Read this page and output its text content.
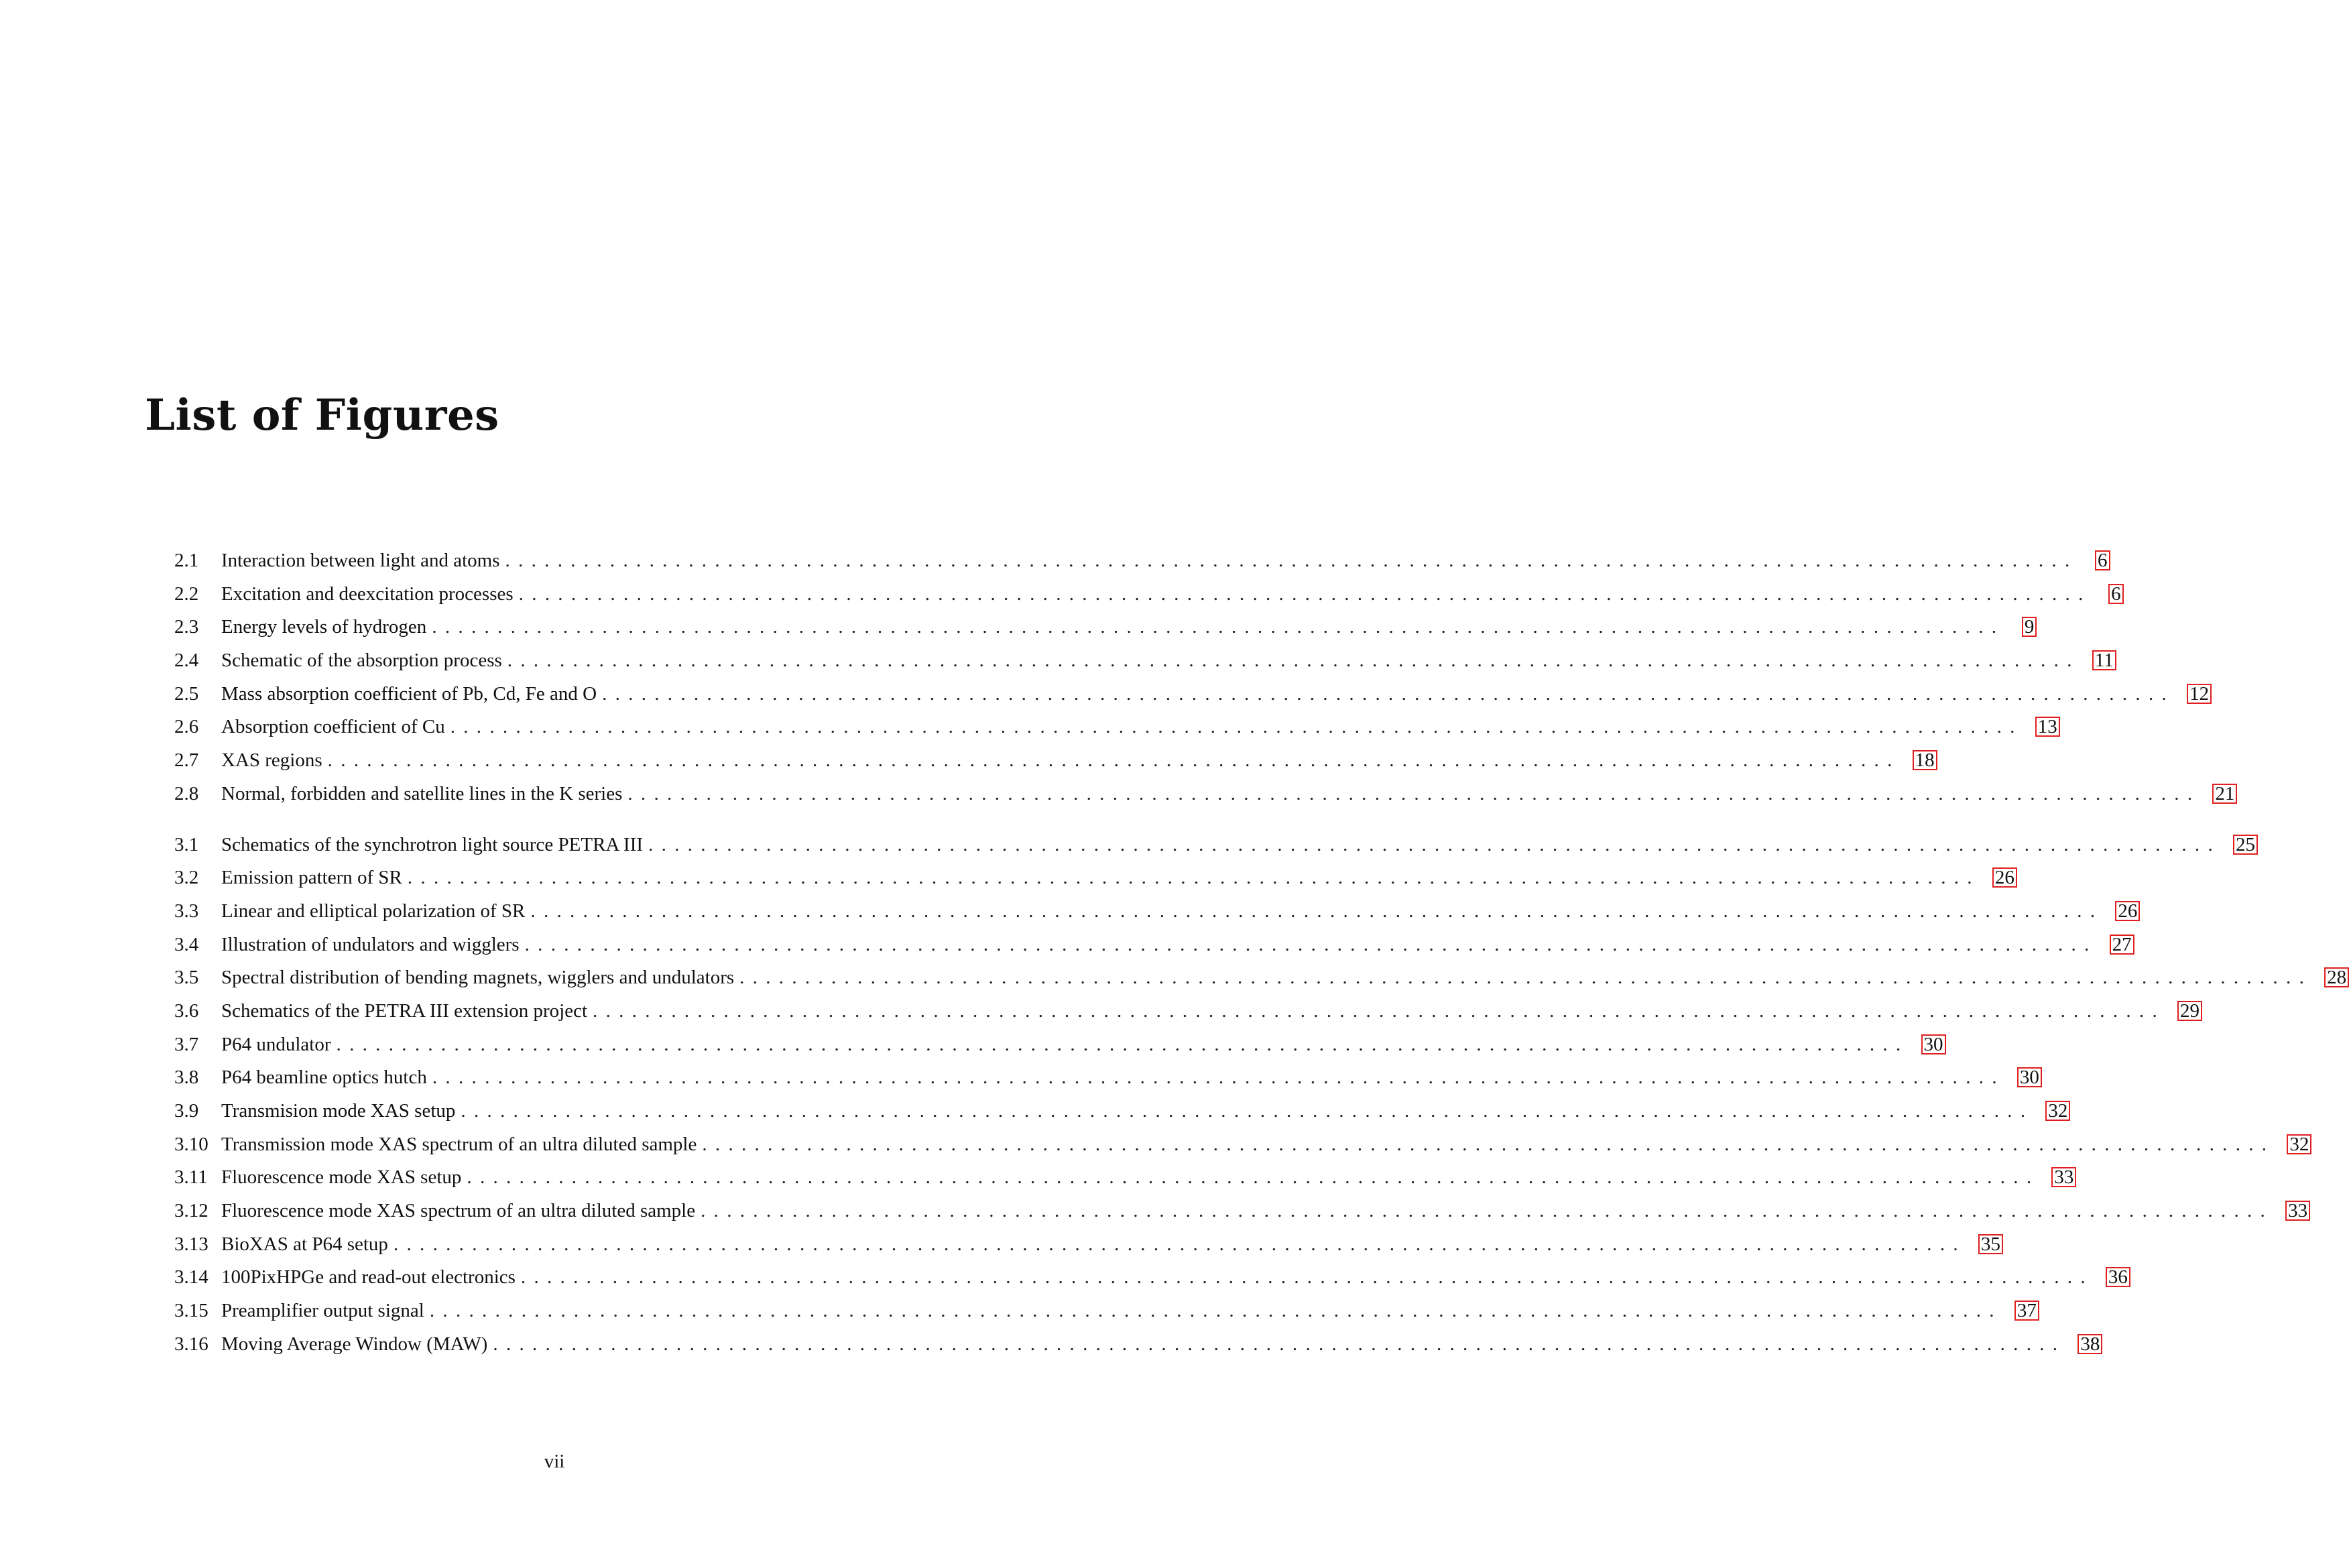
List of Figures
2.1	Interaction between light and atoms ........................................................................................................................	6
2.2	Excitation and deexcitation processes ........................................................................................................................	6
2.3	Energy levels of hydrogen ........................................................................................................................	9
2.4	Schematic of the absorption process ........................................................................................................................ 11
2.5	Mass absorption coefficient of Pb, Cd, Fe and O ........................................................................................................................ 12
2.6	Absorption coefficient of Cu ........................................................................................................................ 13
2.7	XAS regions ........................................................................................................................ 18
2.8	Normal, forbidden and satellite lines in the K series ........................................................................................................................ 21
3.1	Schematics of the synchrotron light source PETRA III ........................................................................................................................ 25
3.2	Emission pattern of SR ........................................................................................................................ 26
3.3	Linear and elliptical polarization of SR ........................................................................................................................ 26
3.4	Illustration of undulators and wigglers ........................................................................................................................ 27
3.5	Spectral distribution of bending magnets, wigglers and undulators ........................................................................................................................ 28
3.6	Schematics of the PETRA III extension project ........................................................................................................................ 29
3.7	P64 undulator ........................................................................................................................ 30
3.8	P64 beamline optics hutch ........................................................................................................................ 30
3.9	Transmision mode XAS setup ........................................................................................................................ 32
3.10 Transmission mode XAS spectrum of an ultra diluted sample ........................................................................................................................ 32
3.11 Fluorescence mode XAS setup ........................................................................................................................ 33
3.12 Fluorescence mode XAS spectrum of an ultra diluted sample ........................................................................................................................ 33
3.13 BioXAS at P64 setup ........................................................................................................................ 35
3.14 100PixHPGe and read-out electronics ........................................................................................................................ 36
3.15 Preamplifier output signal ........................................................................................................................ 37
3.16 Moving Average Window (MAW) ........................................................................................................................ 38
vii
